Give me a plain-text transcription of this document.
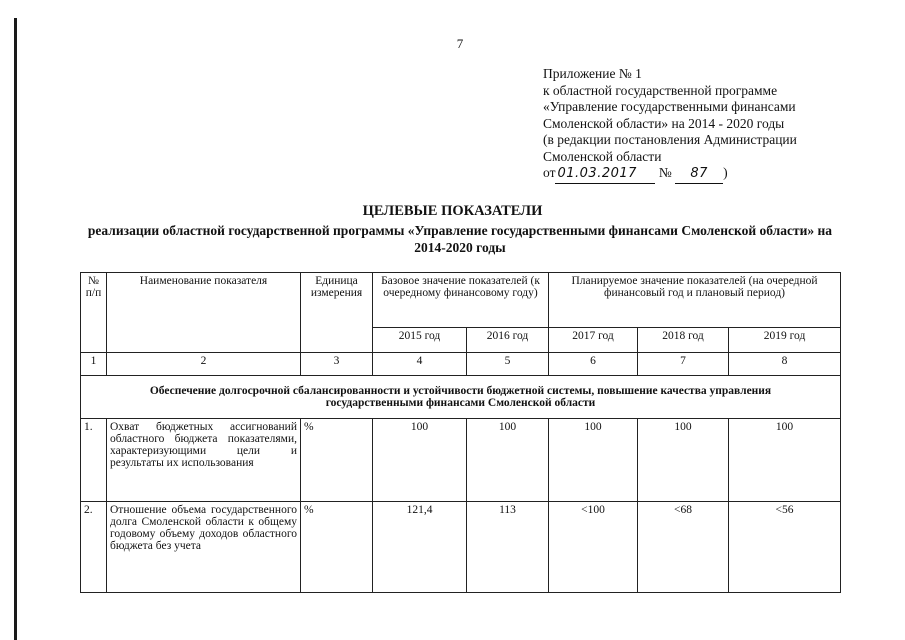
7
Приложение № 1
к областной государственной программе
«Управление государственными финансами
Смоленской области» на 2014 - 2020 годы
(в редакции постановления Администрации
Смоленской области
от 01.03.2017 № 87 )
ЦЕЛЕВЫЕ ПОКАЗАТЕЛИ
реализации областной государственной программы «Управление государственными финансами Смоленской области» на 2014-2020 годы
№ п/п	Наименование показателя	Единица измерения	Базовое значение показателей (к очередному финансовому году)		Планируемое значение показателей (на очередной финансовый год и плановый период)		
			2015 год	2016 год	2017 год	2018 год	2019 год
1	2	3	4	5	6	7	8
Обеспечение долгосрочной сбалансированности и устойчивости бюджетной системы, повышение качества управления государственными финансами Смоленской области							
1.	Охват бюджетных ассигнований областного бюджета показателями, характеризующими цели и результаты их использования	%	100	100	100	100	100
2.	Отношение объема государственного долга Смоленской области к общему годовому объему доходов областного бюджета без учета	%	121,4	113	<100	<68	<56
